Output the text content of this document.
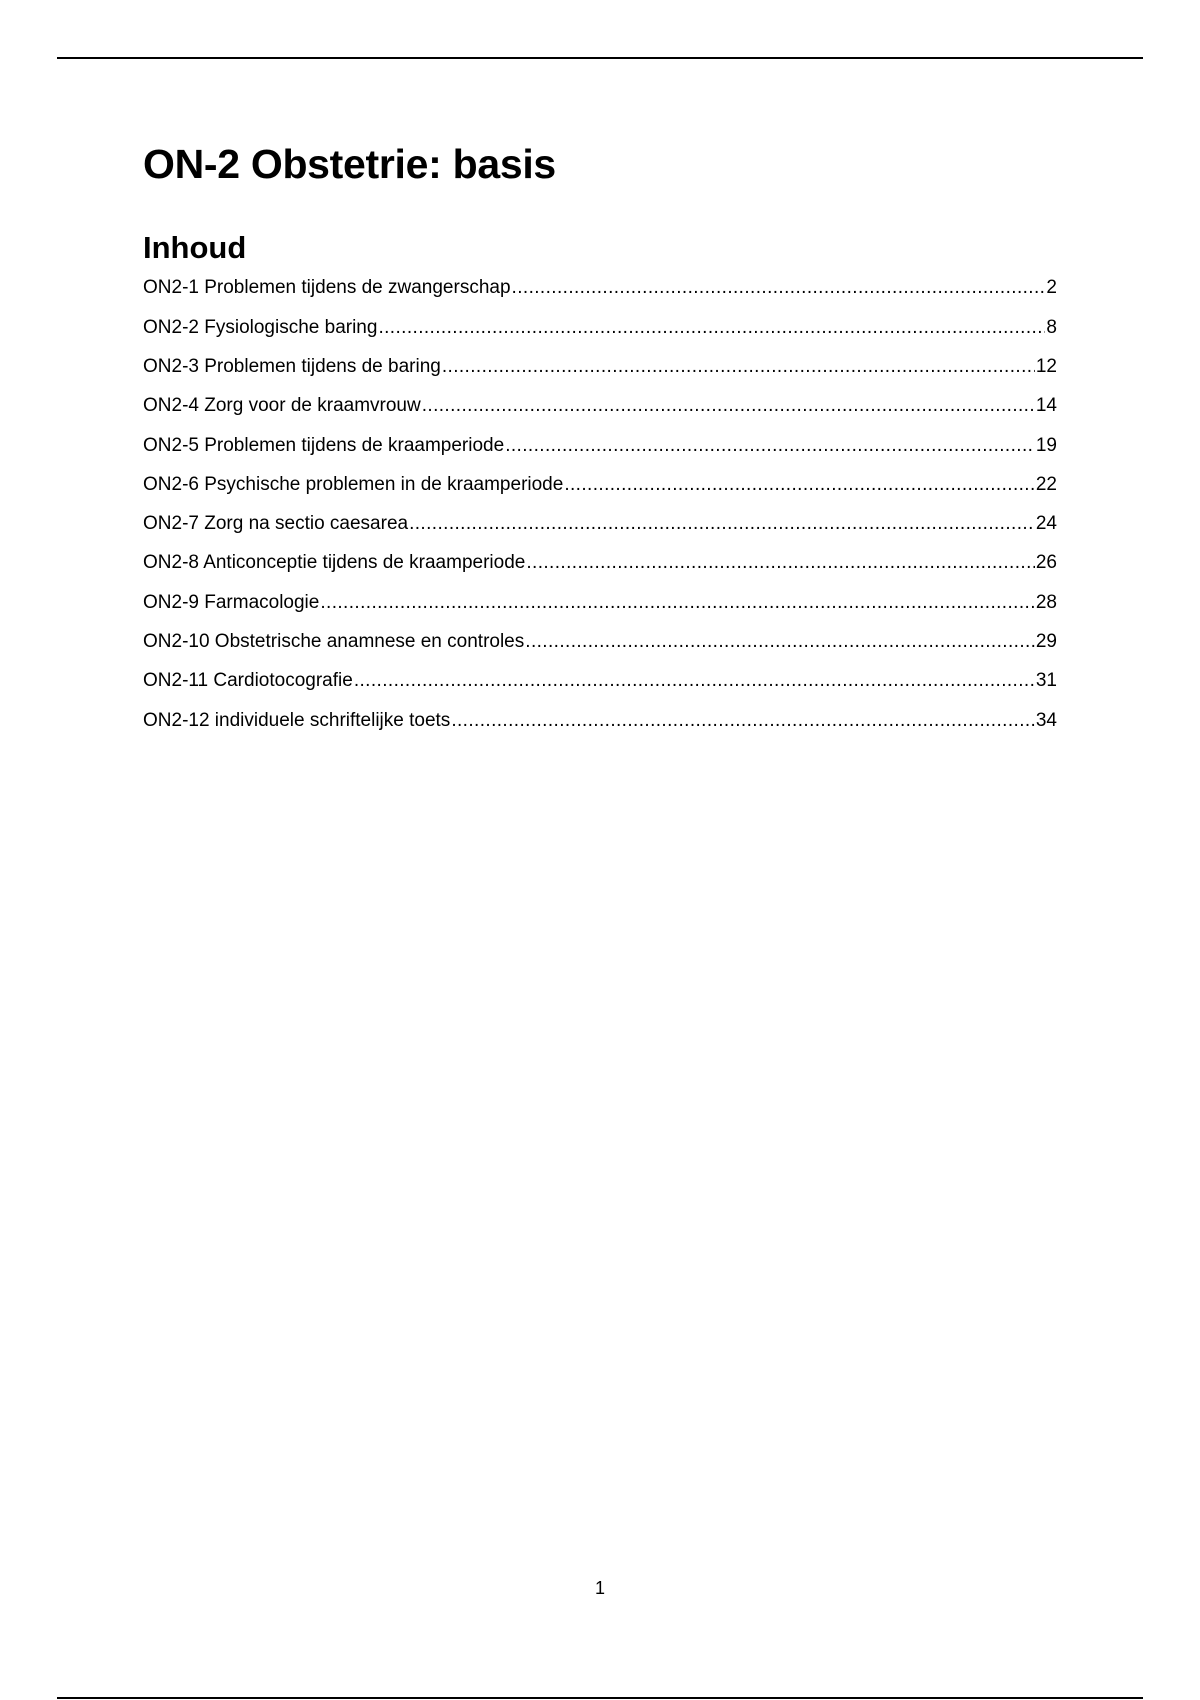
ON-2 Obstetrie: basis
Inhoud
ON2-1 Problemen tijdens de zwangerschap .....	2
ON2-2 Fysiologische baring .....	8
ON2-3 Problemen tijdens de baring .....	12
ON2-4 Zorg voor de kraamvrouw .....	14
ON2-5 Problemen tijdens de kraamperiode .....	19
ON2-6 Psychische problemen in de kraamperiode .....	22
ON2-7 Zorg na sectio caesarea .....	24
ON2-8 Anticonceptie tijdens de kraamperiode .....	26
ON2-9 Farmacologie .....	28
ON2-10 Obstetrische anamnese en controles .....	29
ON2-11 Cardiotocografie .....	31
ON2-12 individuele schriftelijke toets .....	34
1
